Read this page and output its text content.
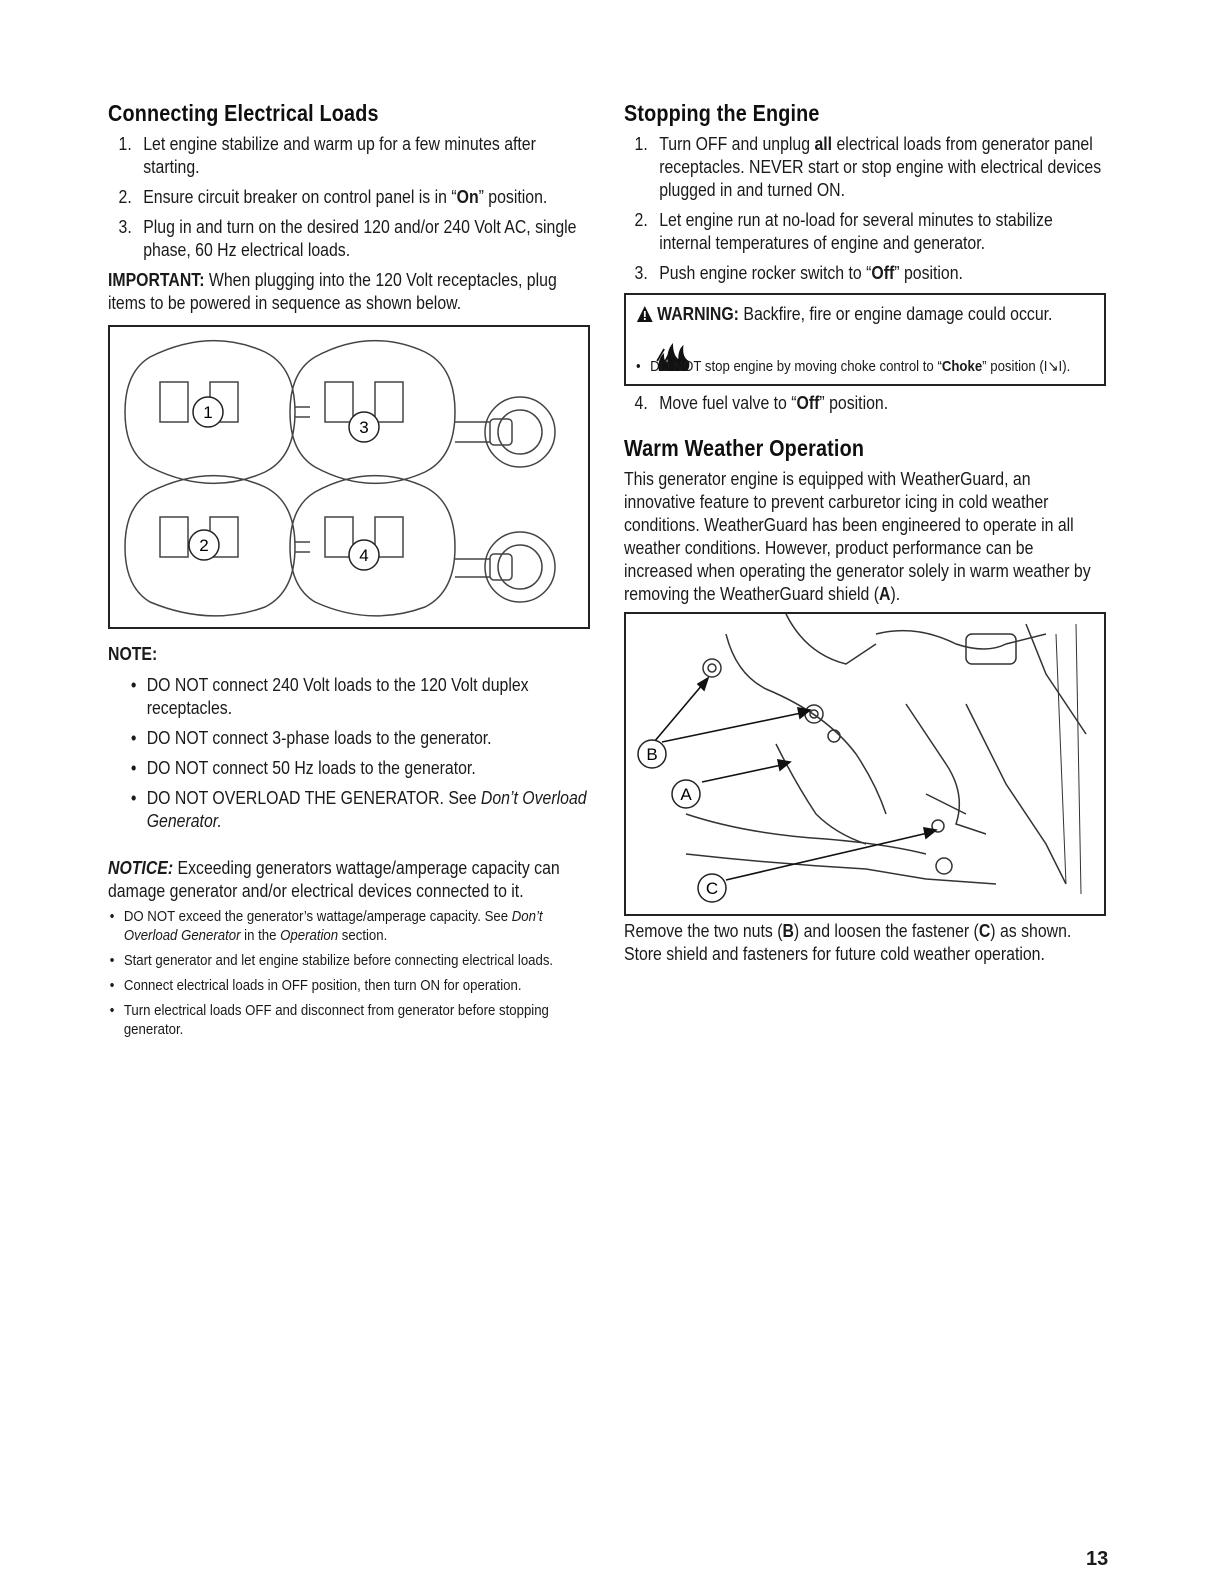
Connecting Electrical Loads
1. Let engine stabilize and warm up for a few minutes after starting.
2. Ensure circuit breaker on control panel is in “On” position.
3. Plug in and turn on the desired 120 and/or 240 Volt AC, single phase, 60 Hz electrical loads.
IMPORTANT: When plugging into the 120 Volt receptacles, plug items to be powered in sequence as shown below.
1
3
2
4
NOTE:
• DO NOT connect 240 Volt loads to the 120 Volt duplex receptacles.
• DO NOT connect 3-phase loads to the generator.
• DO NOT connect 50 Hz loads to the generator.
• DO NOT OVERLOAD THE GENERATOR. See Don’t Overload Generator.
NOTICE: Exceeding generators wattage/amperage capacity can damage generator and/or electrical devices connected to it.
• DO NOT exceed the generator’s wattage/amperage capacity. See Don’t Overload Generator in the Operation section.
• Start generator and let engine stabilize before connecting electrical loads.
• Connect electrical loads in OFF position, then turn ON for operation.
• Turn electrical loads OFF and disconnect from generator before stopping generator.
Stopping the Engine
1. Turn OFF and unplug all electrical loads from generator panel receptacles. NEVER start or stop engine with electrical devices plugged in and turned ON.
2. Let engine run at no-load for several minutes to stabilize internal temperatures of engine and generator.
3. Push engine rocker switch to “Off” position.
WARNING: Backfire, fire or engine damage could occur.
• DO NOT stop engine by moving choke control to “Choke” position (I↘I).
4. Move fuel valve to “Off” position.
Warm Weather Operation
This generator engine is equipped with WeatherGuard, an innovative feature to prevent carburetor icing in cold weather conditions. WeatherGuard has been engineered to operate in all weather conditions. However, product performance can be increased when operating the generator solely in warm weather by removing the WeatherGuard shield (A).
B
A
C
Remove the two nuts (B) and loosen the fastener (C) as shown. Store shield and fasteners for future cold weather operation.
13
